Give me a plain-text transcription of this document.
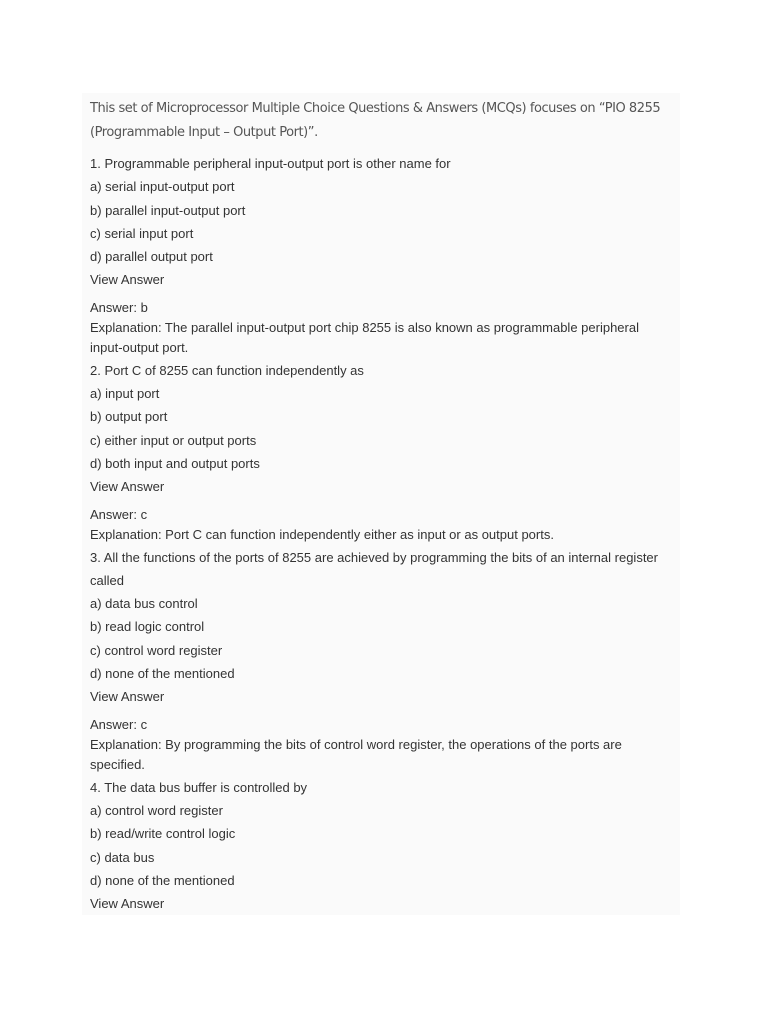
This set of Microprocessor Multiple Choice Questions & Answers (MCQs) focuses on “PIO 8255 (Programmable Input – Output Port)”.

1. Programmable peripheral input-output port is other name for
a) serial input-output port
b) parallel input-output port
c) serial input port
d) parallel output port
View Answer
Answer: b
Explanation: The parallel input-output port chip 8255 is also known as programmable peripheral input-output port.
2. Port C of 8255 can function independently as
a) input port
b) output port
c) either input or output ports
d) both input and output ports
View Answer
Answer: c
Explanation: Port C can function independently either as input or as output ports.
3. All the functions of the ports of 8255 are achieved by programming the bits of an internal register called
a) data bus control
b) read logic control
c) control word register
d) none of the mentioned
View Answer
Answer: c
Explanation: By programming the bits of control word register, the operations of the ports are specified.
4. The data bus buffer is controlled by
a) control word register
b) read/write control logic
c) data bus
d) none of the mentioned
View Answer
